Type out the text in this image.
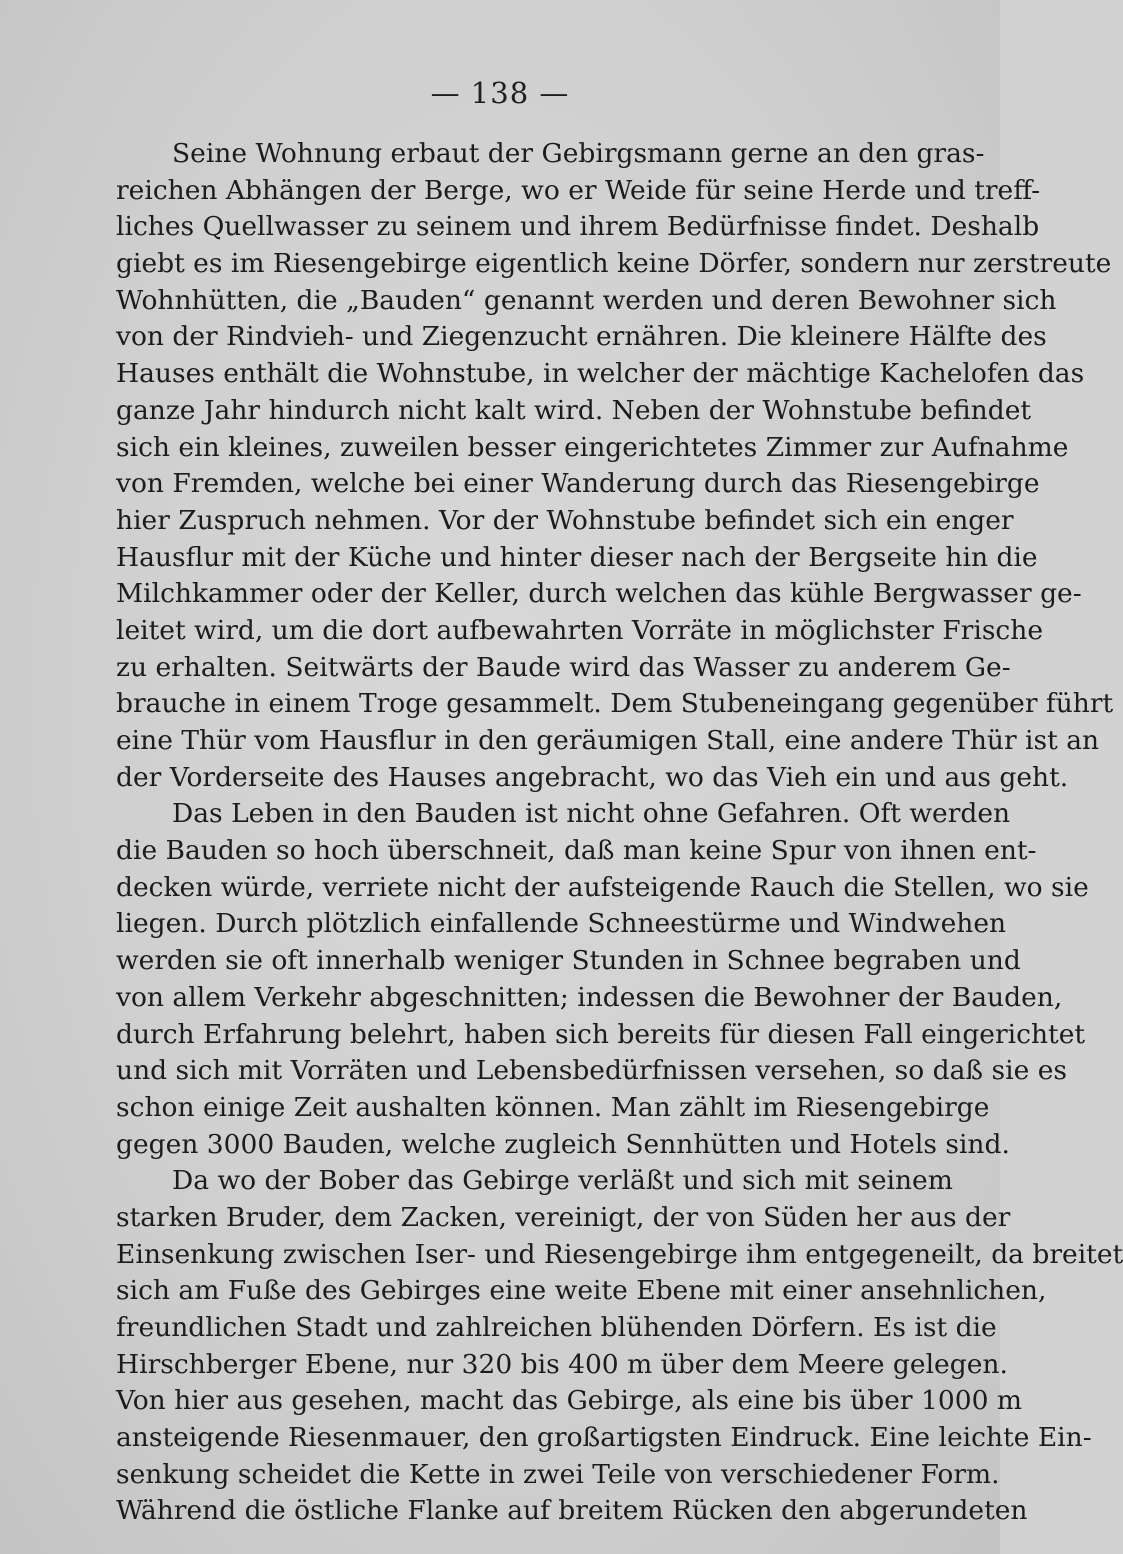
— 138 —
Seine Wohnung erbaut der Gebirgsmann gerne an den gras-
reichen Abhängen der Berge, wo er Weide für seine Herde und treff-
liches Quellwasser zu seinem und ihrem Bedürfnisse findet. Deshalb
giebt es im Riesengebirge eigentlich keine Dörfer, sondern nur zerstreute
Wohnhütten, die „Bauden“ genannt werden und deren Bewohner sich
von der Rindvieh- und Ziegenzucht ernähren. Die kleinere Hälfte des
Hauses enthält die Wohnstube, in welcher der mächtige Kachelofen das
ganze Jahr hindurch nicht kalt wird. Neben der Wohnstube befindet
sich ein kleines, zuweilen besser eingerichtetes Zimmer zur Aufnahme
von Fremden, welche bei einer Wanderung durch das Riesengebirge
hier Zuspruch nehmen. Vor der Wohnstube befindet sich ein enger
Hausflur mit der Küche und hinter dieser nach der Bergseite hin die
Milchkammer oder der Keller, durch welchen das kühle Bergwasser ge-
leitet wird, um die dort aufbewahrten Vorräte in möglichster Frische
zu erhalten. Seitwärts der Baude wird das Wasser zu anderem Ge-
brauche in einem Troge gesammelt. Dem Stubeneingang gegenüber führt
eine Thür vom Hausflur in den geräumigen Stall, eine andere Thür ist an
der Vorderseite des Hauses angebracht, wo das Vieh ein und aus geht.
Das Leben in den Bauden ist nicht ohne Gefahren. Oft werden
die Bauden so hoch überschneit, daß man keine Spur von ihnen ent-
decken würde, verriete nicht der aufsteigende Rauch die Stellen, wo sie
liegen. Durch plötzlich einfallende Schneestürme und Windwehen
werden sie oft innerhalb weniger Stunden in Schnee begraben und
von allem Verkehr abgeschnitten; indessen die Bewohner der Bauden,
durch Erfahrung belehrt, haben sich bereits für diesen Fall eingerichtet
und sich mit Vorräten und Lebensbedürfnissen versehen, so daß sie es
schon einige Zeit aushalten können. Man zählt im Riesengebirge
gegen 3000 Bauden, welche zugleich Sennhütten und Hotels sind.
Da wo der Bober das Gebirge verläßt und sich mit seinem
starken Bruder, dem Zacken, vereinigt, der von Süden her aus der
Einsenkung zwischen Iser- und Riesengebirge ihm entgegeneilt, da breitet
sich am Fuße des Gebirges eine weite Ebene mit einer ansehnlichen,
freundlichen Stadt und zahlreichen blühenden Dörfern. Es ist die
Hirschberger Ebene, nur 320 bis 400 m über dem Meere gelegen.
Von hier aus gesehen, macht das Gebirge, als eine bis über 1000 m
ansteigende Riesenmauer, den großartigsten Eindruck. Eine leichte Ein-
senkung scheidet die Kette in zwei Teile von verschiedener Form.
Während die östliche Flanke auf breitem Rücken den abgerundeten
